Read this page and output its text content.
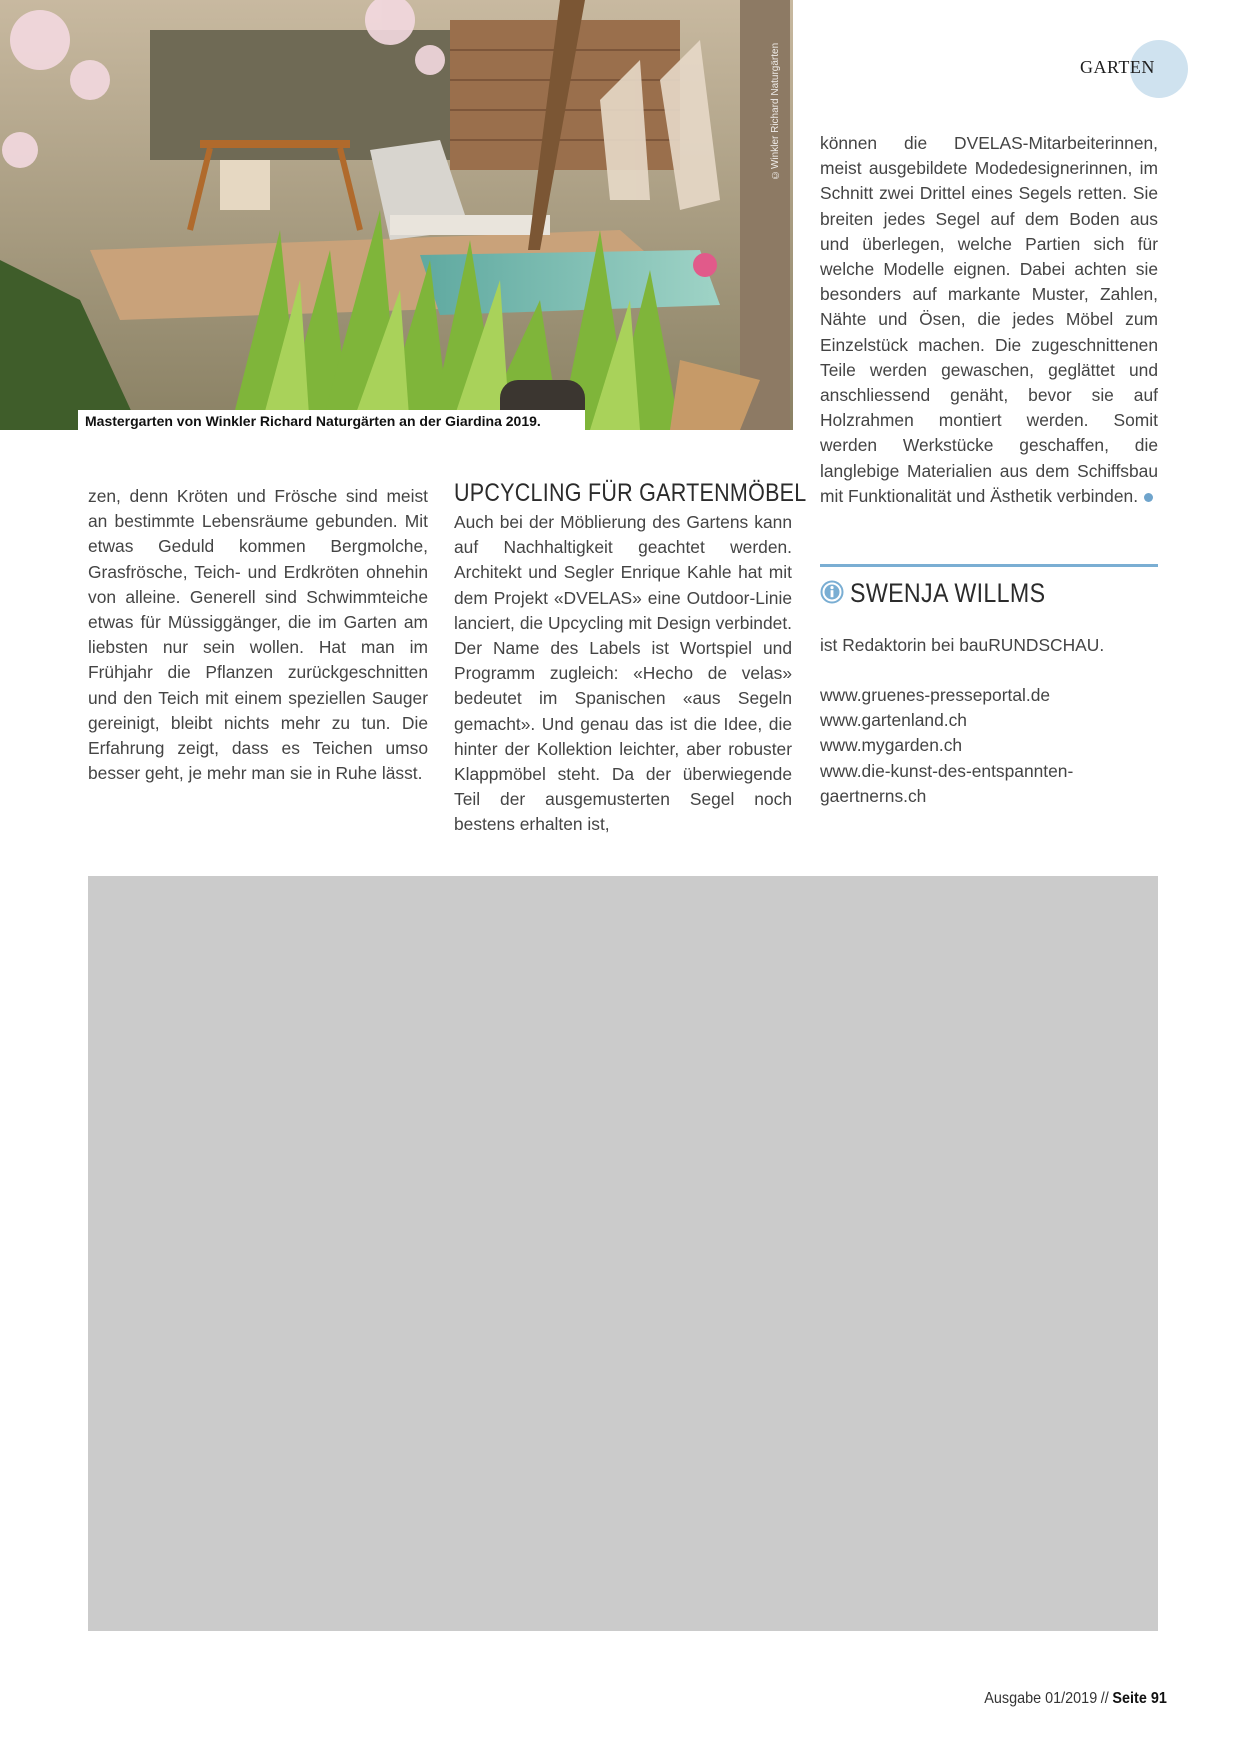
©Winkler Richard Naturgärten
Mastergarten von Winkler Richard Naturgärten an der Giardina 2019.
GARTEN

zen, denn Kröten und Frösche sind meist an bestimmte Lebensräume gebunden. Mit etwas Geduld kommen Bergmolche, Grasfrösche, Teich- und Erdkröten ohnehin von alleine. Generell sind Schwimmteiche etwas für Müssiggänger, die im Garten am liebsten nur sein wollen. Hat man im Frühjahr die Pflanzen zurückgeschnitten und den Teich mit einem speziellen Sauger gereinigt, bleibt nichts mehr zu tun. Die Erfahrung zeigt, dass es Teichen umso besser geht, je mehr man sie in Ruhe lässt.

UPCYCLING FÜR GARTENMÖBEL

Auch bei der Möblierung des Gartens kann auf Nachhaltigkeit geachtet werden. Architekt und Segler Enrique Kahle hat mit dem Projekt «DVELAS» eine Outdoor-Linie lanciert, die Upcycling mit Design verbindet. Der Name des Labels ist Wortspiel und Programm zugleich: «Hecho de velas» bedeutet im Spanischen «aus Segeln gemacht». Und genau das ist die Idee, die hinter der Kollektion leichter, aber robuster Klappmöbel steht. Da der überwiegende Teil der ausgemusterten Segel noch bestens erhalten ist,

können die DVELAS-Mitarbeiterinnen, meist ausgebildete Modedesignerinnen, im Schnitt zwei Drittel eines Segels retten. Sie breiten jedes Segel auf dem Boden aus und überlegen, welche Partien sich für welche Modelle eignen. Dabei achten sie besonders auf markante Muster, Zahlen, Nähte und Ösen, die jedes Möbel zum Einzelstück machen. Die zugeschnittenen Teile werden gewaschen, geglättet und anschliessend genäht, bevor sie auf Holzrahmen montiert werden. Somit werden Werkstücke geschaffen, die langlebige Materialien aus dem Schiffsbau mit Funktionalität und Ästhetik verbinden.

SWENJA WILLMS
ist Redaktorin bei bauRUNDSCHAU.
www.gruenes-presseportal.de
www.gartenland.ch
www.mygarden.ch
www.die-kunst-des-entspannten-gaertnerns.ch
Ausgabe 01/2019 // Seite 91
